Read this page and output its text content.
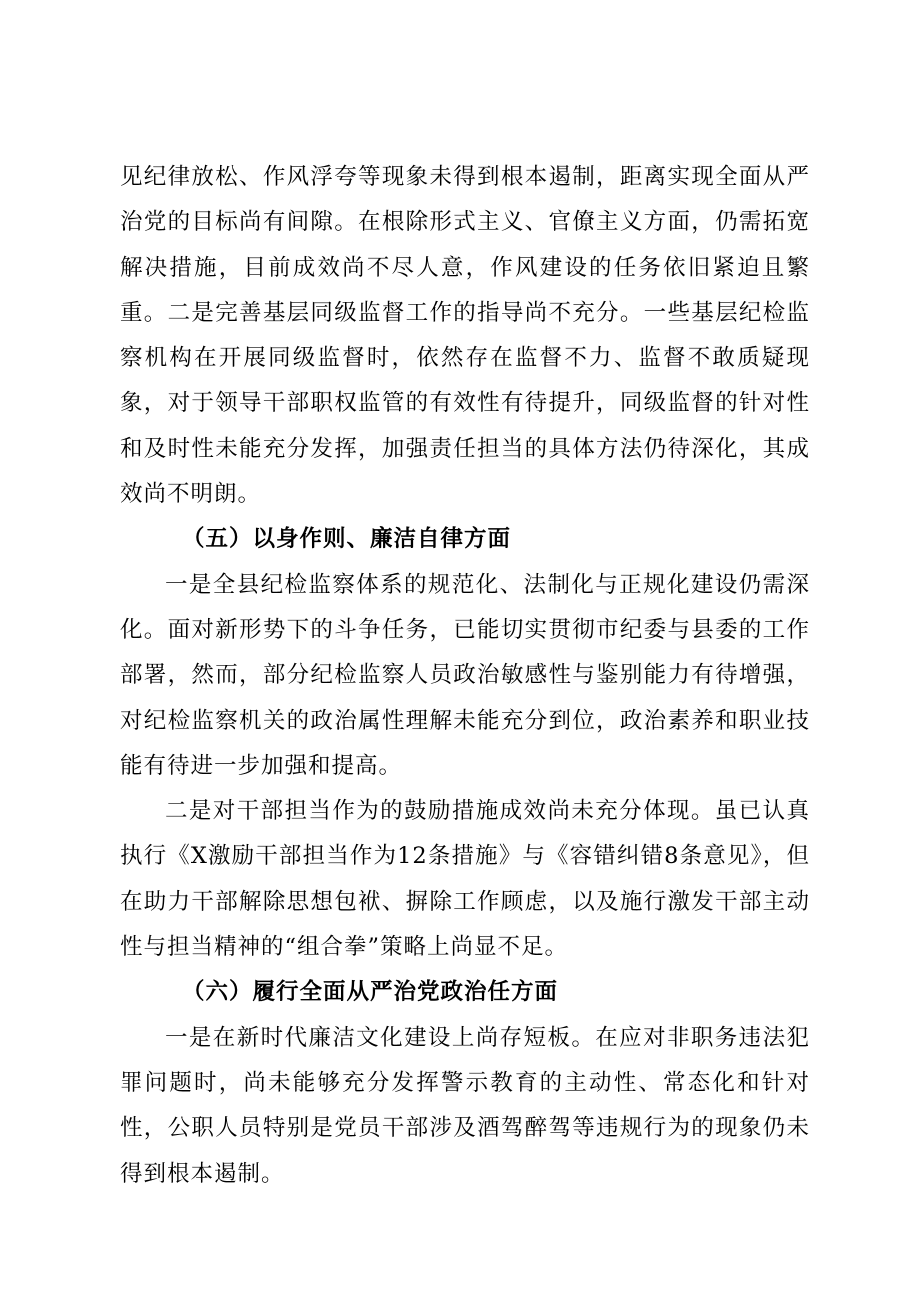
见纪律放松、作风浮夸等现象未得到根本遏制，距离实现全面从严治党的目标尚有间隙。在根除形式主义、官僚主义方面，仍需拓宽解决措施，目前成效尚不尽人意，作风建设的任务依旧紧迫且繁重。二是完善基层同级监督工作的指导尚不充分。一些基层纪检监察机构在开展同级监督时，依然存在监督不力、监督不敢质疑现象，对于领导干部职权监管的有效性有待提升，同级监督的针对性和及时性未能充分发挥，加强责任担当的具体方法仍待深化，其成效尚不明朗。

（五）以身作则、廉洁自律方面

一是全县纪检监察体系的规范化、法制化与正规化建设仍需深化。面对新形势下的斗争任务，已能切实贯彻市纪委与县委的工作部署，然而，部分纪检监察人员政治敏感性与鉴别能力有待增强，对纪检监察机关的政治属性理解未能充分到位，政治素养和职业技能有待进一步加强和提高。

二是对干部担当作为的鼓励措施成效尚未充分体现。虽已认真执行《X激励干部担当作为12条措施》与《容错纠错8条意见》，但在助力干部解除思想包袱、摒除工作顾虑，以及施行激发干部主动性与担当精神的“组合拳”策略上尚显不足。

（六）履行全面从严治党政治任方面

一是在新时代廉洁文化建设上尚存短板。在应对非职务违法犯罪问题时，尚未能够充分发挥警示教育的主动性、常态化和针对性，公职人员特别是党员干部涉及酒驾醉驾等违规行为的现象仍未得到根本遏制。
